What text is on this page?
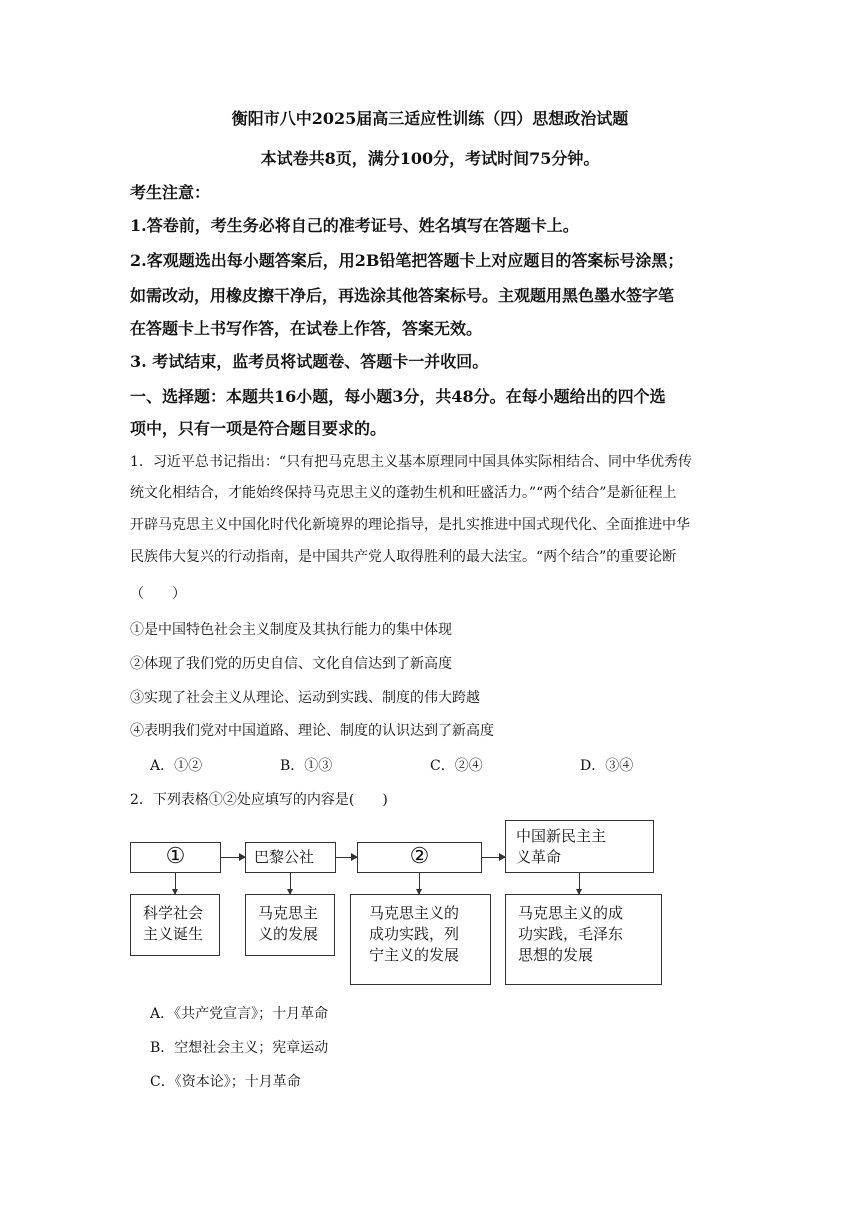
衡阳市八中2025届高三适应性训练（四）思想政治试题
本试卷共8页，满分100分，考试时间75分钟。
考生注意：
1.答卷前，考生务必将自己的准考证号、姓名填写在答题卡上。
2.客观题选出每小题答案后，用2B铅笔把答题卡上对应题目的答案标号涂黑；
如需改动，用橡皮擦干净后，再选涂其他答案标号。主观题用黑色墨水签字笔
在答题卡上书写作答，在试卷上作答，答案无效。
3. 考试结束，监考员将试题卷、答题卡一并收回。
一、选择题：本题共16小题，每小题3分，共48分。在每小题给出的四个选
项中，只有一项是符合题目要求的。
1．习近平总书记指出：“只有把马克思主义基本原理同中国具体实际相结合、同中华优秀传
统文化相结合，才能始终保持马克思主义的蓬勃生机和旺盛活力。”“两个结合”是新征程上
开辟马克思主义中国化时代化新境界的理论指导，是扎实推进中国式现代化、全面推进中华
民族伟大复兴的行动指南，是中国共产党人取得胜利的最大法宝。“两个结合”的重要论断
（　　）
①是中国特色社会主义制度及其执行能力的集中体现
②体现了我们党的历史自信、文化自信达到了新高度
③实现了社会主义从理论、运动到实践、制度的伟大跨越
④表明我们党对中国道路、理论、制度的认识达到了新高度
A．①②	B．①③	C．②④	D．③④
2．下列表格①②处应填写的内容是(　　)
①	巴黎公社	②
中国新民主主
义革命
科学社会
主义诞生
马克思主
义的发展
马克思主义的
成功实践，列
宁主义的发展
马克思主义的成
功实践，毛泽东
思想的发展
A．《共产党宣言》；十月革命
B．空想社会主义；宪章运动
C．《资本论》；十月革命
